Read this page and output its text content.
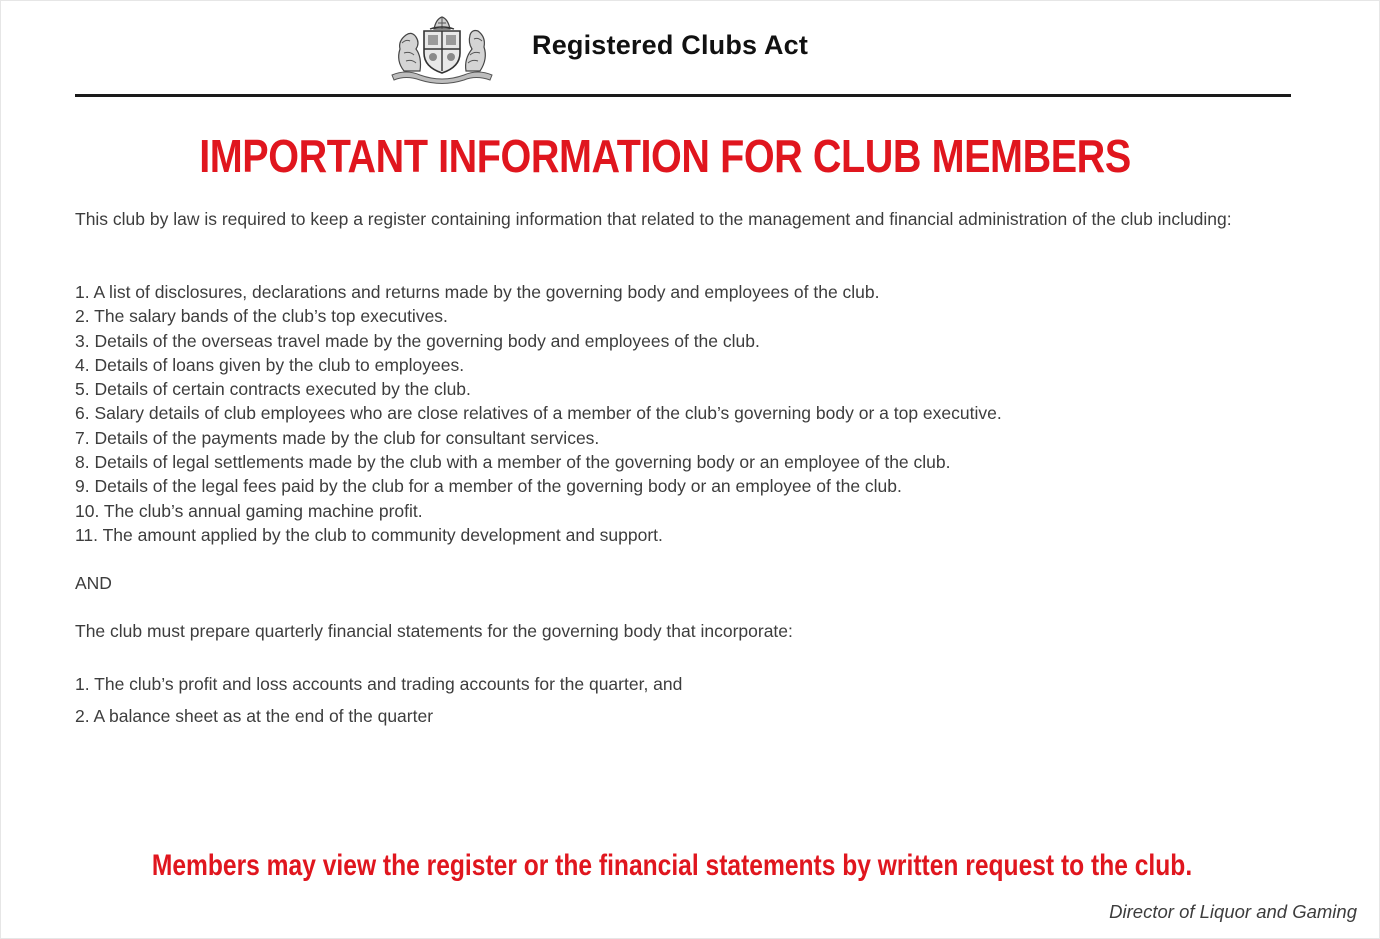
Registered Clubs Act
IMPORTANT INFORMATION FOR CLUB MEMBERS
This club by law is required to keep a register containing information that related to the management and financial administration of the club including:
1. A list of disclosures, declarations and returns made by the governing body and employees of the club.
2. The salary bands of the club’s top executives.
3. Details of the overseas travel made by the governing body and employees of the club.
4. Details of loans given by the club to employees.
5. Details of certain contracts executed by the club.
6. Salary details of club employees who are close relatives of a member of the club’s governing body or a top executive.
7. Details of the payments made by the club for consultant services.
8. Details of legal settlements made by the club with a member of the governing body or an employee of the club.
9. Details of the legal fees paid by the club for a member of the governing body or an employee of the club.
10. The club’s annual gaming machine profit.
11. The amount applied by the club to community development and support.
AND
The club must prepare quarterly financial statements for the governing body that incorporate:
1. The club’s profit and loss accounts and trading accounts for the quarter, and
2. A balance sheet as at the end of the quarter
Members may view the register or the financial statements by written request to the club.
Director of Liquor and Gaming
